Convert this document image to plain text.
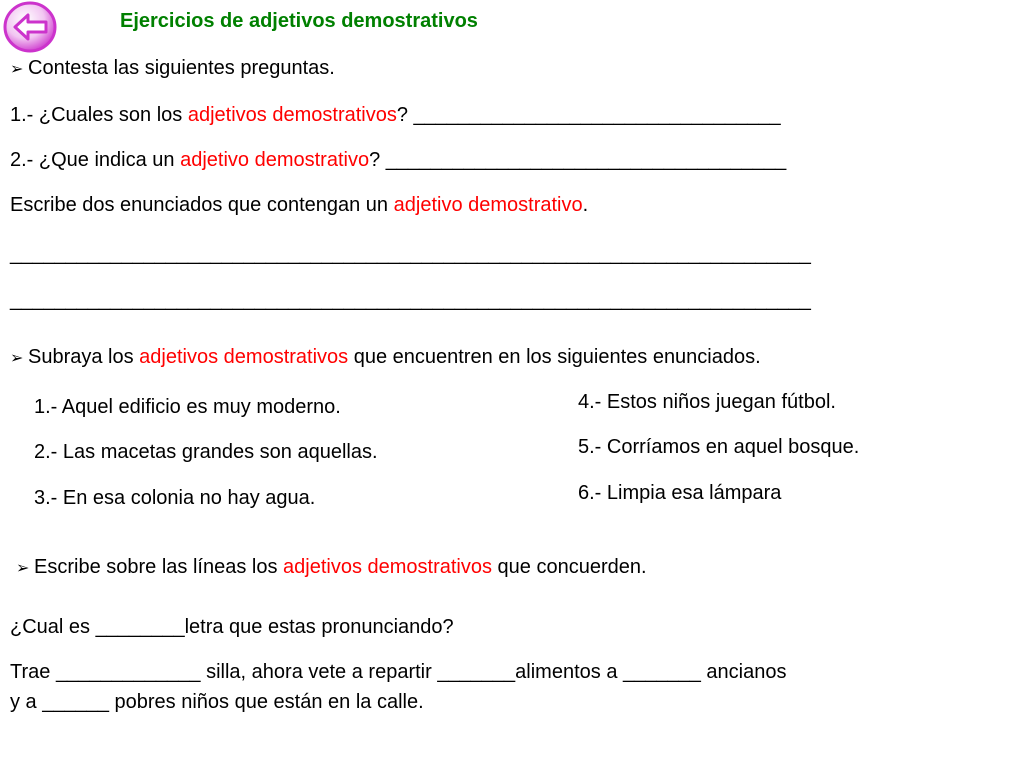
Ejercicios de adjetivos demostrativos
➢ Contesta las siguientes preguntas.
1.- ¿Cuales son los adjetivos demostrativos? _________________________________
2.- ¿Que indica un adjetivo demostrativo? ____________________________________
Escribe dos enunciados que contengan un adjetivo demostrativo.
________________________________________________________________________
________________________________________________________________________
➢ Subraya los adjetivos demostrativos que encuentren en los siguientes enunciados.
1.- Aquel edificio es muy moderno.
2.- Las macetas grandes son aquellas.
3.- En esa colonia no hay agua.
4.- Estos niños juegan fútbol.
5.- Corríamos en aquel bosque.
6.- Limpia esa lámpara
➢ Escribe sobre las líneas los adjetivos demostrativos que concuerden.
¿Cual es ________letra que estas pronunciando?
Trae _____________ silla, ahora vete a repartir _______alimentos a _______ ancianos
y a ______ pobres niños que están en la calle.
